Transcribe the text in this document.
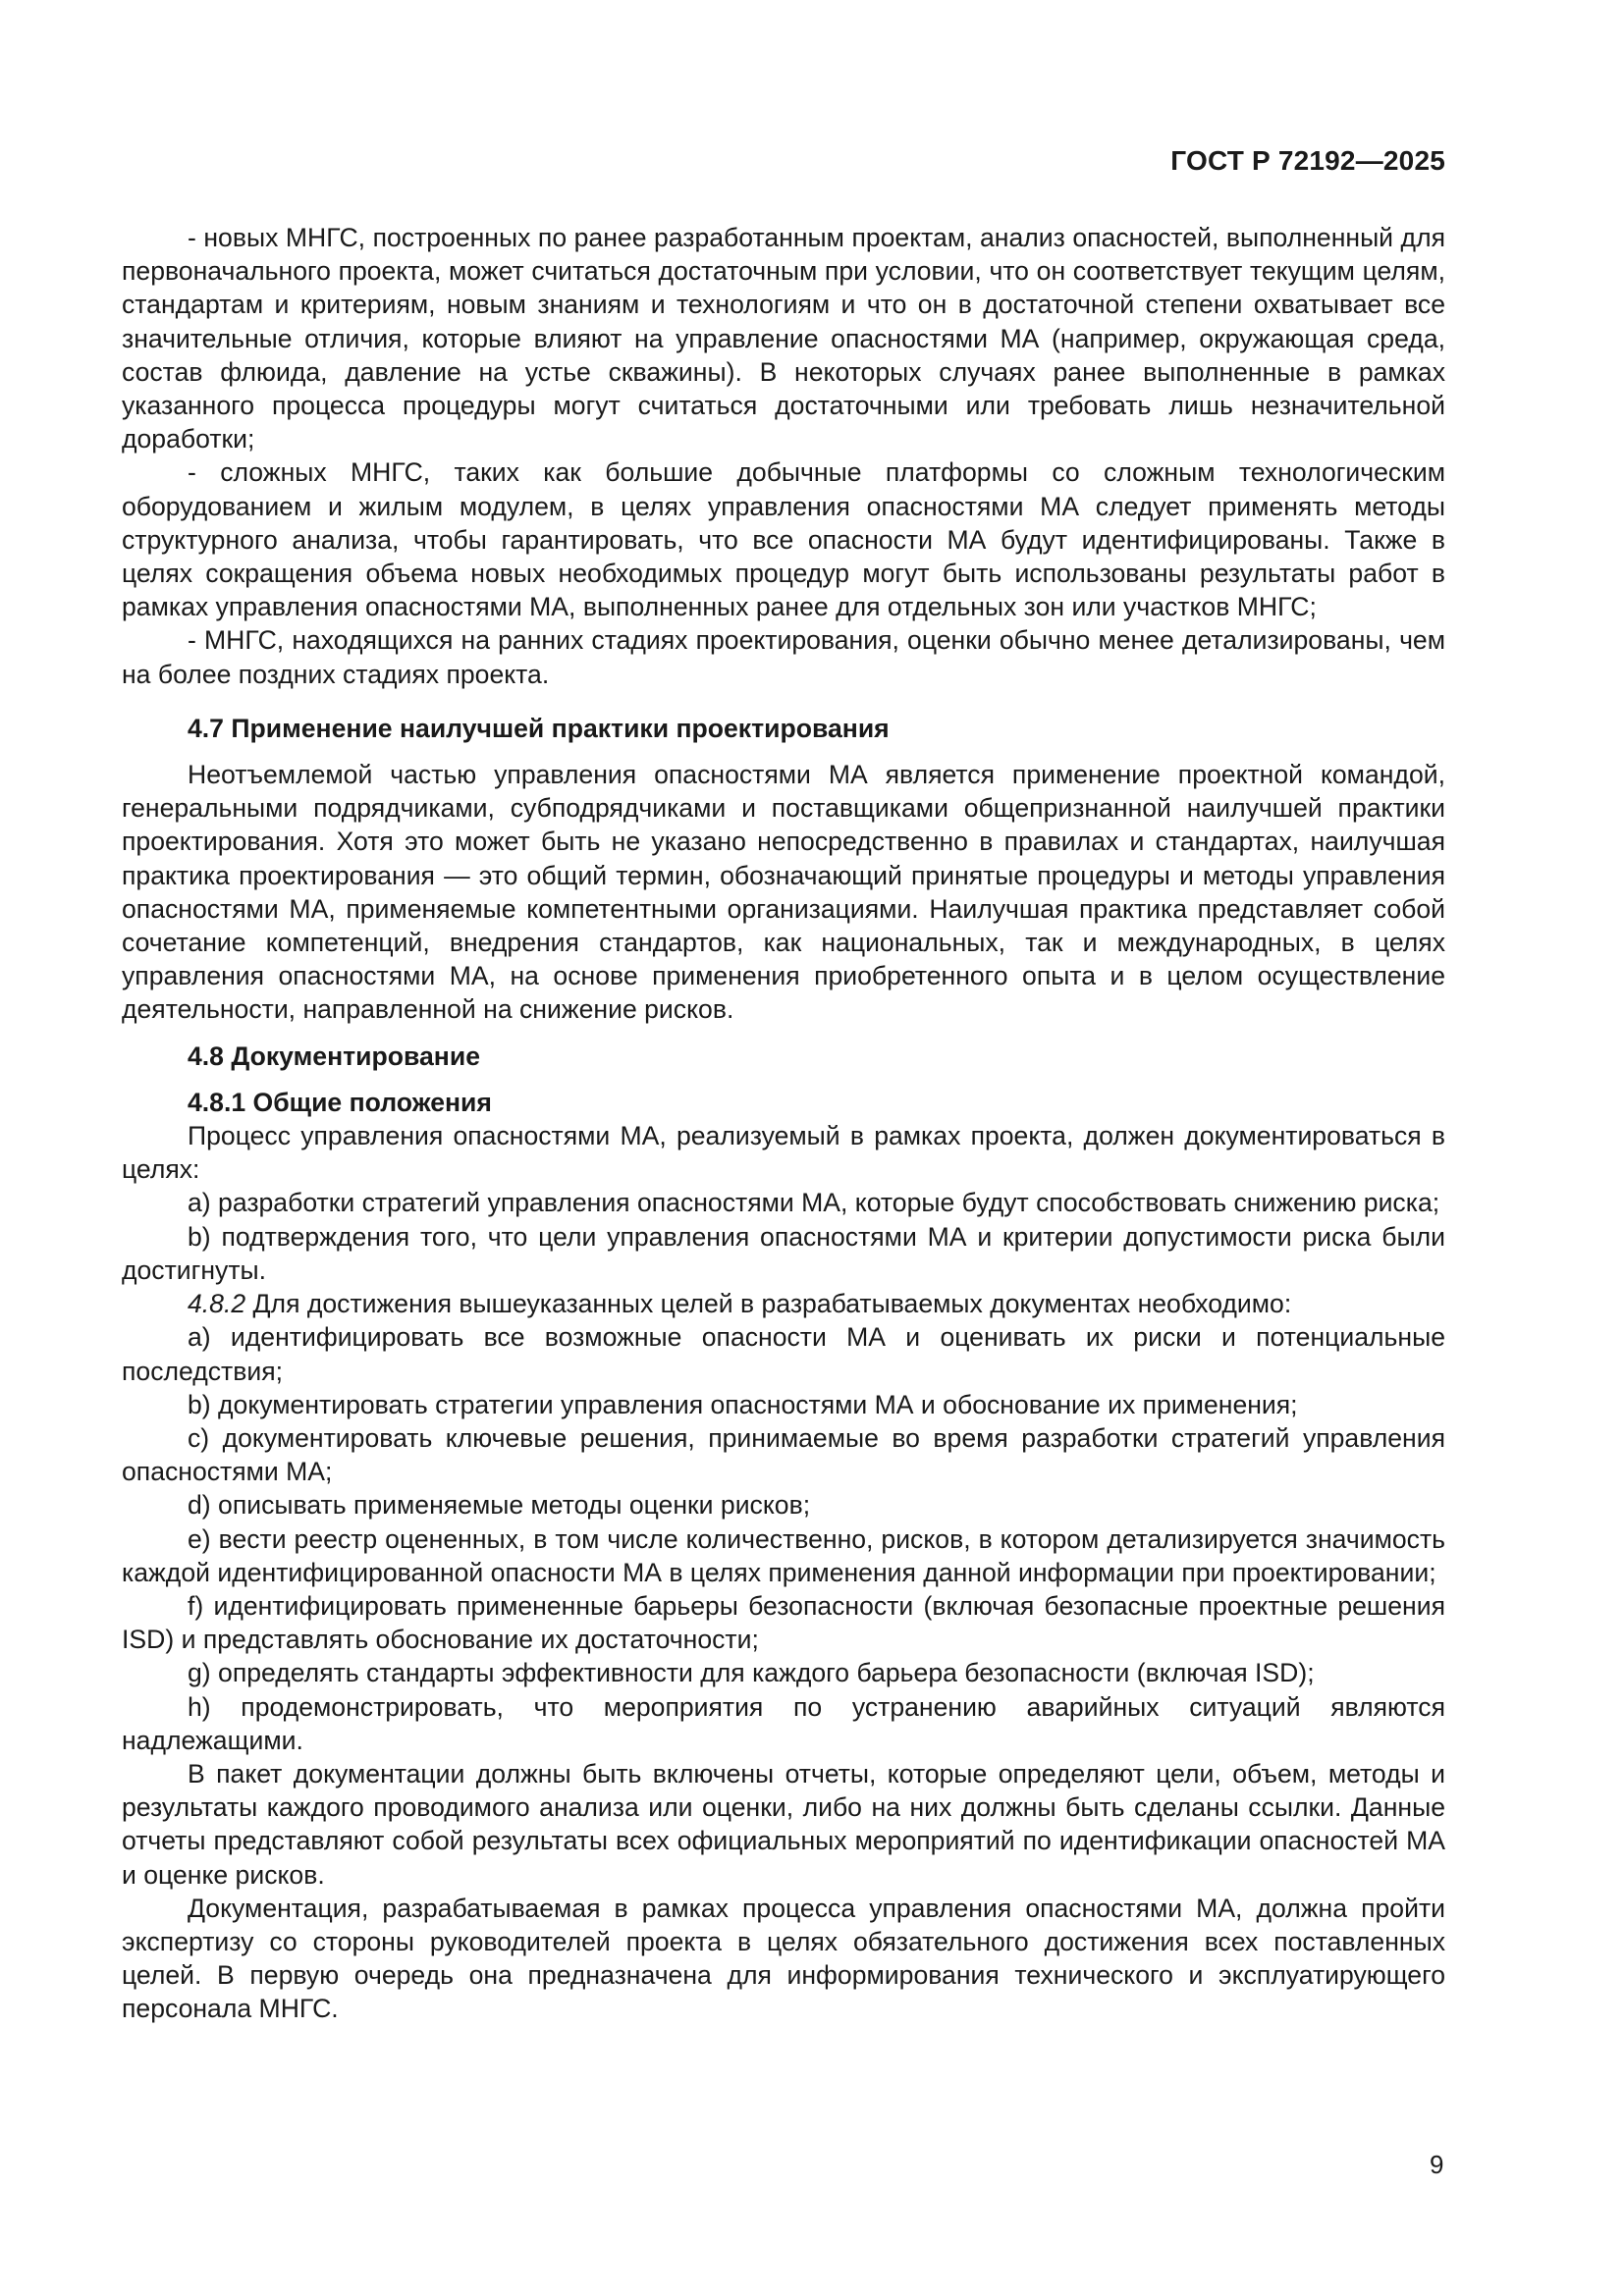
ГОСТ Р 72192—2025

- новых МНГС, построенных по ранее разработанным проектам, анализ опасностей, выполненный для первоначального проекта, может считаться достаточным при условии, что он соответствует текущим целям, стандартам и критериям, новым знаниям и технологиям и что он в достаточной степени охватывает все значительные отличия, которые влияют на управление опасностями МА (например, окружающая среда, состав флюида, давление на устье скважины). В некоторых случаях ранее выполненные в рамках указанного процесса процедуры могут считаться достаточными или требовать лишь незначительной доработки;

- сложных МНГС, таких как большие добычные платформы со сложным технологическим оборудованием и жилым модулем, в целях управления опасностями МА следует применять методы структурного анализа, чтобы гарантировать, что все опасности МА будут идентифицированы. Также в целях сокращения объема новых необходимых процедур могут быть использованы результаты работ в рамках управления опасностями МА, выполненных ранее для отдельных зон или участков МНГС;

- МНГС, находящихся на ранних стадиях проектирования, оценки обычно менее детализированы, чем на более поздних стадиях проекта.

4.7 Применение наилучшей практики проектирования

Неотъемлемой частью управления опасностями МА является применение проектной командой, генеральными подрядчиками, субподрядчиками и поставщиками общепризнанной наилучшей практики проектирования. Хотя это может быть не указано непосредственно в правилах и стандартах, наилучшая практика проектирования — это общий термин, обозначающий принятые процедуры и методы управления опасностями МА, применяемые компетентными организациями. Наилучшая практика представляет собой сочетание компетенций, внедрения стандартов, как национальных, так и международных, в целях управления опасностями МА, на основе применения приобретенного опыта и в целом осуществление деятельности, направленной на снижение рисков.

4.8 Документирование

4.8.1 Общие положения

Процесс управления опасностями МА, реализуемый в рамках проекта, должен документироваться в целях:

а) разработки стратегий управления опасностями МА, которые будут способствовать снижению риска;

b) подтверждения того, что цели управления опасностями МА и критерии допустимости риска были достигнуты.

4.8.2 Для достижения вышеуказанных целей в разрабатываемых документах необходимо:

а) идентифицировать все возможные опасности МА и оценивать их риски и потенциальные последствия;

b) документировать стратегии управления опасностями МА и обоснование их применения;

c) документировать ключевые решения, принимаемые во время разработки стратегий управления опасностями МА;

d) описывать применяемые методы оценки рисков;

e) вести реестр оцененных, в том числе количественно, рисков, в котором детализируется значимость каждой идентифицированной опасности МА в целях применения данной информации при проектировании;

f) идентифицировать примененные барьеры безопасности (включая безопасные проектные решения ISD) и представлять обоснование их достаточности;

g) определять стандарты эффективности для каждого барьера безопасности (включая ISD);

h) продемонстрировать, что мероприятия по устранению аварийных ситуаций являются надлежащими.

В пакет документации должны быть включены отчеты, которые определяют цели, объем, методы и результаты каждого проводимого анализа или оценки, либо на них должны быть сделаны ссылки. Данные отчеты представляют собой результаты всех официальных мероприятий по идентификации опасностей МА и оценке рисков.

Документация, разрабатываемая в рамках процесса управления опасностями МА, должна пройти экспертизу со стороны руководителей проекта в целях обязательного достижения всех поставленных целей. В первую очередь она предназначена для информирования технического и эксплуатирующего персонала МНГС.

9
